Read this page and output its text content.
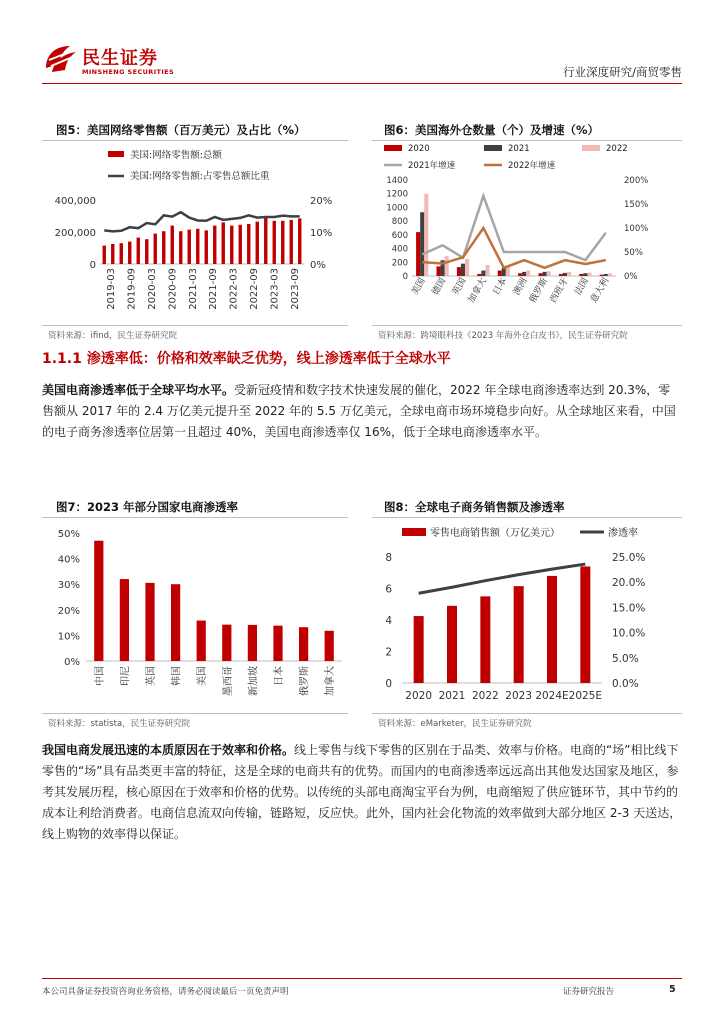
民生证券
MINSHENG SECURITIES	行业深度研究/商贸零售
图5：美国网络零售额（百万美元）及占比（%）
美国:网络零售额:总额
美国:网络零售额:占零售总额比重
0
200,000
400,000
0%
10%
20%
2019-03 2019-09 2020-03 2020-09 2021-03 2021-09 2022-03 2022-09 2023-03 2023-09
资料来源：ifind，民生证券研究院
图6：美国海外仓数量（个）及增速（%）
2020	2021	2022
2021年增速	2022年增速
0
200
400
600
800
1000
1200
1400
0%
50%
100%
150%
200%
美国 德国 英国
加拿大 日本 澳洲
俄罗斯
西班牙 法国
意大利
资料来源：跨境眼科技《2023 年海外仓白皮书》，民生证券研究院
1.1.1 渗透率低：价格和效率缺乏优势，线上渗透率低于全球水平
美国电商渗透率低于全球平均水平。受新冠疫情和数字技术快速发展的催化，2022 年全球电商渗透率达到 20.3%，零售额从 2017 年的 2.4 万亿美元提升至 2022 年的 5.5 万亿美元，全球电商市场环境稳步向好。从全球地区来看，中国的电子商务渗透率位居第一且超过 40%，美国电商渗透率仅 16%，低于全球电商渗透率水平。
图7：2023 年部分国家电商渗透率
0%
10%
20%
30%
40%
50%
中国 印尼 英国 韩国 美国 墨西哥 新加坡 日本 俄罗斯 加拿大
资料来源：statista，民生证券研究院
图8：全球电子商务销售额及渗透率
零售电商销售额（万亿美元）	渗透率
0
2
4
6
8
0.0%
5.0%
10.0%
15.0%
20.0%
25.0%
2020 2021 2022 2023 2024E 2025E
资料来源：eMarketer，民生证券研究院
我国电商发展迅速的本质原因在于效率和价格。线上零售与线下零售的区别在于品类、效率与价格。电商的“场”相比线下零售的“场”具有品类更丰富的特征，这是全球的电商共有的优势。而国内的电商渗透率远远高出其他发达国家及地区，参考其发展历程，核心原因在于效率和价格的优势。以传统的头部电商淘宝平台为例，电商缩短了供应链环节，其中节约的成本让利给消费者。电商信息流双向传输，链路短，反应快。此外，国内社会化物流的效率做到大部分地区 2-3 天送达，线上购物的效率得以保证。
本公司具备证券投资咨询业务资格，请务必阅读最后一页免责声明	证券研究报告	5
